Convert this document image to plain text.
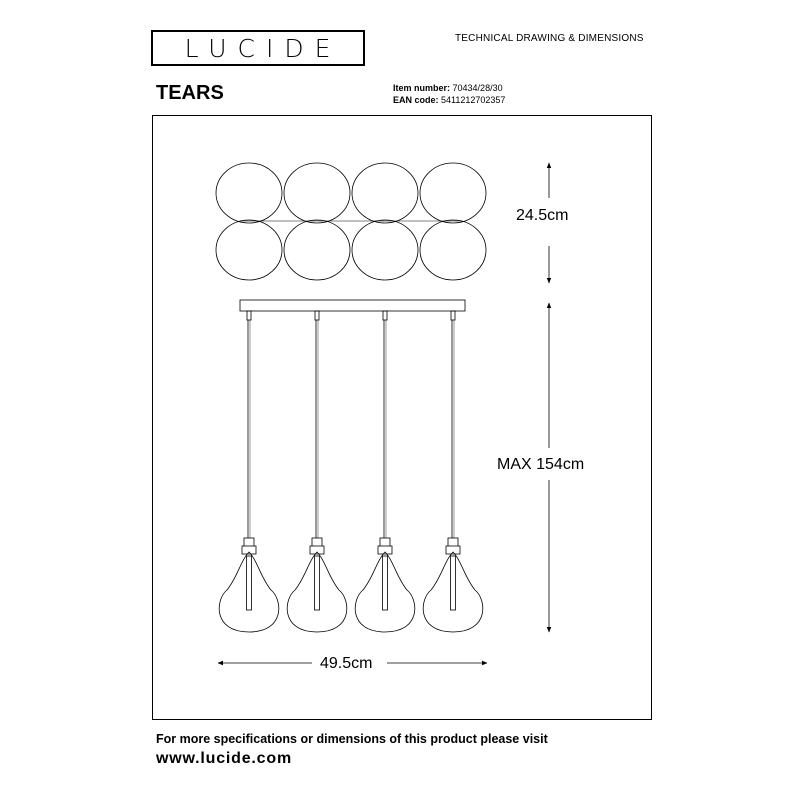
LUCIDE	TECHNICAL DRAWING & DIMENSIONS
TEARS	Item number: 70434/28/30
EAN code: 5411212702357
24.5cm
MAX 154cm
49.5cm
For more specifications or dimensions of this product please visit
www.lucide.com
